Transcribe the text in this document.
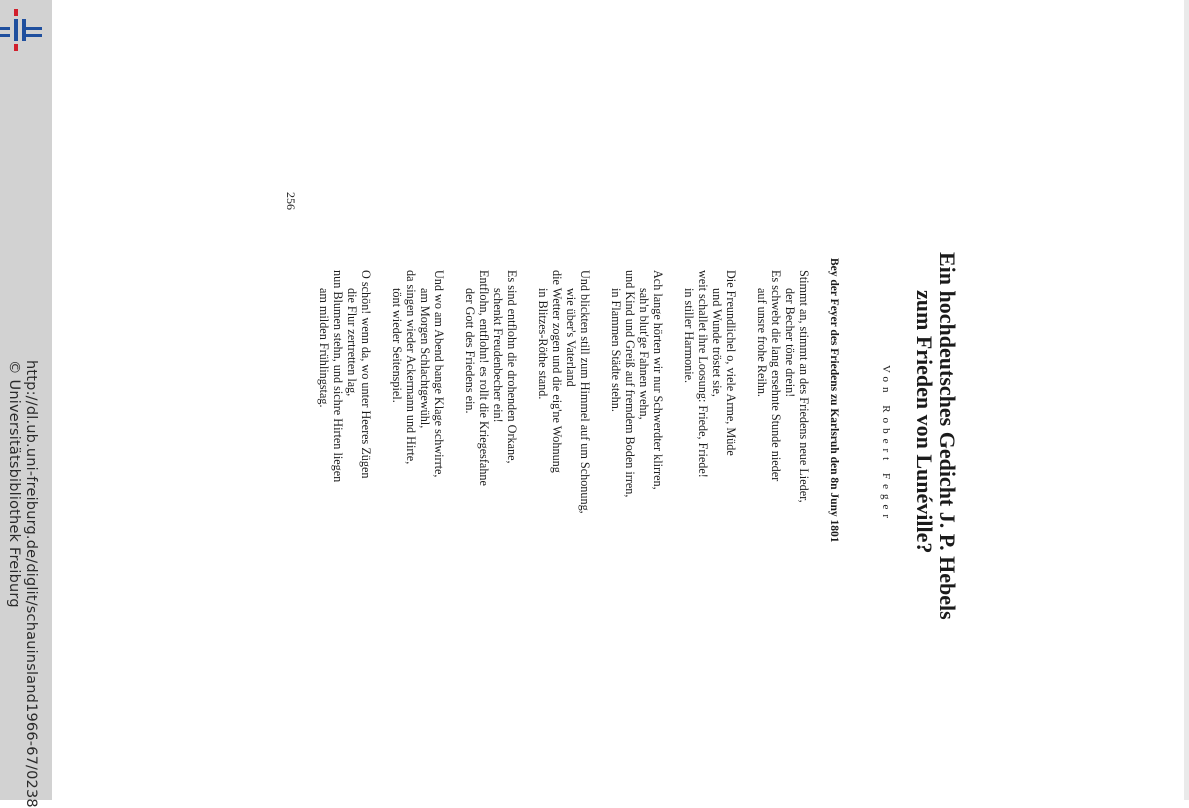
http://dl.ub.uni-freiburg.de/diglit/schauinsland1966-67/0238
© Universitätsbibliothek Freiburg	Ein hochdeutsches Gedicht J. P. Hebels
zum Frieden von Lunéville?
Von Robert Feger
Bey der Feyer des Friedens zu Karlsruh den 8n Juny 1801
Stimmt an, stimmt an des Friedens neue Lieder,
der Becher töne drein!
Es schwebt die lang ersehnte Stunde nieder
auf unsre frohe Reihn.
Die Freundlichel o, viele Arme, Müde
und Wunde tröstet sie,
weit schallet ihre Loosung: Friede, Friede!
in stiller Harmonie.
Ach lange hörten wir nur Schwerdter klirren,
sah'n blut'ge Fahnen wehn,
und Kind und Greiß auf fremdem Boden irren,
in Flammen Städte stehn.
Und blickten still zum Himmel auf um Schonung,
wie über's Vaterland
die Wetter zogen und die eig'ne Wohnung
in Blitzes-Röthe stand.
Es sind entflohn die drohenden Orkane,
schenkt Freudenbecher ein!
Entflohn, entflohn! es rollt die Kriegesfahne
der Gott des Friedens ein.
Und wo am Abend bange Klage schwirrte,
am Morgen Schlachtgewühl,
da singen wieder Ackermann und Hirte,
tönt wieder Seitenspiel.
O schön! wenn da, wo unter Heeres Zügen
die Flur zertretten lag,
nun Blumen stehn, und sichre Hirten liegen
am milden Frühlingstag.
256
